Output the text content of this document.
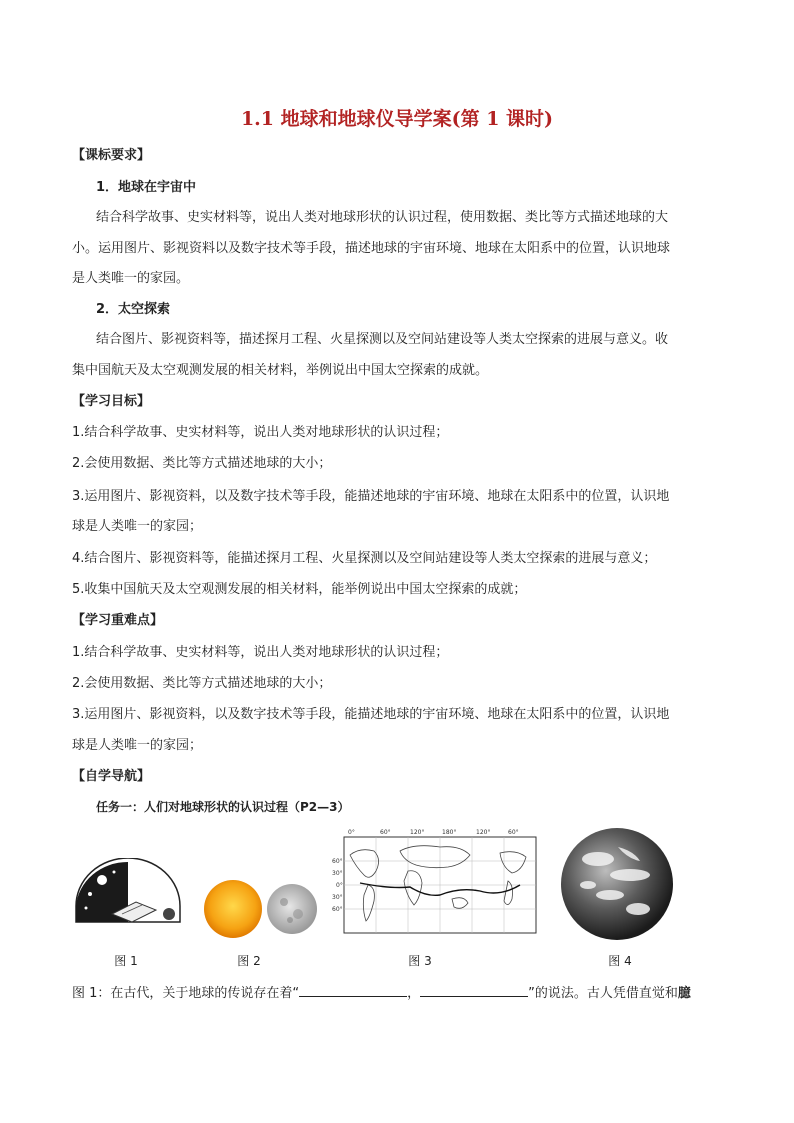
1.1 地球和地球仪导学案(第 1 课时)
【课标要求】
1．地球在宇宙中
结合科学故事、史实材料等，说出人类对地球形状的认识过程，使用数据、类比等方式描述地球的大
小。运用图片、影视资料以及数字技术等手段，描述地球的宇宙环境、地球在太阳系中的位置，认识地球
是人类唯一的家园。
2．太空探索
结合图片、影视资料等，描述探月工程、火星探测以及空间站建设等人类太空探索的进展与意义。收
集中国航天及太空观测发展的相关材料，举例说出中国太空探索的成就。
【学习目标】
1.结合科学故事、史实材料等，说出人类对地球形状的认识过程；
2.会使用数据、类比等方式描述地球的大小；
3.运用图片、影视资料，以及数字技术等手段，能描述地球的宇宙环境、地球在太阳系中的位置，认识地
球是人类唯一的家园；
4.结合图片、影视资料等，能描述探月工程、火星探测以及空间站建设等人类太空探索的进展与意义；
5.收集中国航天及太空观测发展的相关材料，能举例说出中国太空探索的成就；
【学习重难点】
1.结合科学故事、史实材料等，说出人类对地球形状的认识过程；
2.会使用数据、类比等方式描述地球的大小；
3.运用图片、影视资料，以及数字技术等手段，能描述地球的宇宙环境、地球在太阳系中的位置，认识地
球是人类唯一的家园；
【自学导航】
任务一：人们对地球形状的认识过程（P2—3）
0°	60°	120°	180°	120°	60°
60°
30°
0°
30°
60°
图 1	图 2	图 3	图 4
图 1：在古代，关于地球的传说存在着“	，	”的说法。古人凭借直觉和臆
